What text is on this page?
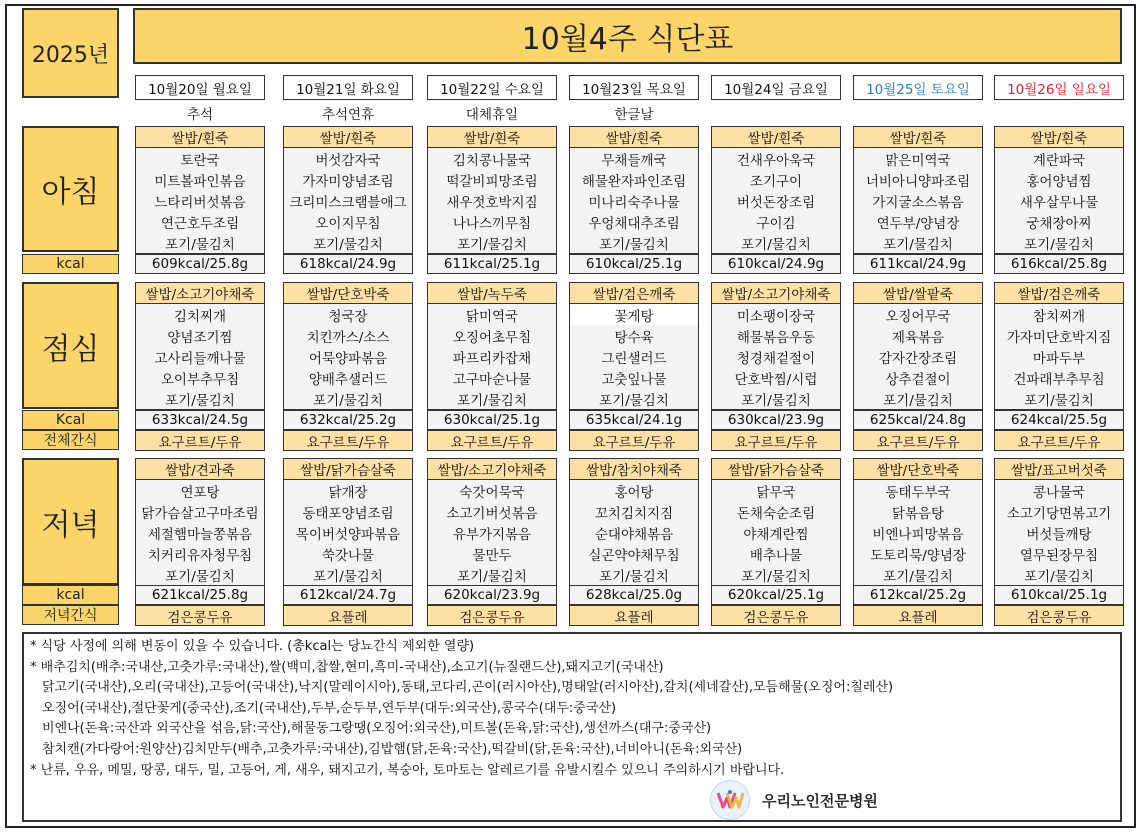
2025년	10월4주 식단표
10월20일 월요일
추석
쌀밥/흰죽
토란국
미트볼파인볶음
느타리버섯볶음
연근호두조림
포기/물김치
609kcal/25.8g
쌀밥/소고기야채죽
김치찌개
양념조기찜
고사리들깨나물
오이부추무침
포기/물김치
633kcal/24.5g
요구르트/두유
쌀밥/견과죽
연포탕
닭가슴살고구마조림
세절햄마늘쫑볶음
치커리유자청무침
포기/물김치
621kcal/25.8g
검은콩두유
10월21일 화요일
추석연휴
쌀밥/흰죽
버섯감자국
가자미양념조림
크리미스크램블애그
오이지무침
포기/물김치
618kcal/24.9g
쌀밥/단호박죽
청국장
치킨까스/소스
어묵양파볶음
양배추샐러드
포기/물김치
632kcal/25.2g
요구르트/두유
쌀밥/닭가슴살죽
닭개장
동태포양념조림
목이버섯양파볶음
쑥갓나물
포기/물김치
612kcal/24.7g
요플레
10월22일 수요일
대체휴일
쌀밥/흰죽
김치콩나물국
떡갈비피망조림
새우젓호박지짐
나나스끼무침
포기/물김치
611kcal/25.1g
쌀밥/녹두죽
닭미역국
오징어초무침
파프리카잡채
고구마순나물
포기/물김치
630kcal/25.1g
요구르트/두유
쌀밥/소고기야채죽
숙갓어묵국
소고기버섯볶음
유부가지볶음
물만두
포기/물김치
620kcal/23.9g
검은콩두유
10월23일 목요일
한글날
쌀밥/흰죽
무채들깨국
해물완자파인조림
미나리숙주나물
우엉채대추조림
포기/물김치
610kcal/25.1g
쌀밥/검은깨죽
꽃게탕
탕수육
그린샐러드
고춧잎나물
포기/물김치
635kcal/24.1g
요구르트/두유
쌀밥/참치야채죽
홍어탕
꼬치김치지짐
순대야채볶음
실곤약야채무침
포기/물김치
628kcal/25.0g
요플레
10월24일 금요일
쌀밥/흰죽
건새우아욱국
조기구이
버섯돈장조림
구이김
포기/물김치
610kcal/24.9g
쌀밥/소고기야채죽
미소팽이장국
해물볶음우동
청경채겉절이
단호박찜/시럽
포기/물김치
630kcal/23.9g
요구르트/두유
쌀밥/닭가슴살죽
닭무국
돈채숙순조림
야채계란찜
배추나물
포기/물김치
620kcal/25.1g
검은콩두유
10월25일 토요일
쌀밥/흰죽
맑은미역국
너비아니양파조림
가지굴소스볶음
연두부/양념장
포기/물김치
611kcal/24.9g
쌀밥/쌀팥죽
오징어무국
제육볶음
감자간장조림
상추겉절이
포기/물김치
625kcal/24.8g
요구르트/두유
쌀밥/단호박죽
동태두부국
닭볶음탕
비엔나피망볶음
도토리묵/양념장
포기/물김치
612kcal/25.2g
요플레
10월26일 일요일
쌀밥/흰죽
계란파국
홍어양념찜
새우살무나물
궁채장아찌
포기/물김치
616kcal/25.8g
쌀밥/검은깨죽
참치찌개
가자미단호박지짐
마파두부
건파래부추무침
포기/물김치
624kcal/25.5g
요구르트/두유
쌀밥/표고버섯죽
콩나물국
소고기당면볶고기
버섯들깨탕
열무된장무침
포기/물김치
610kcal/25.1g
검은콩두유
아침
kcal
점심
Kcal
전체간식
저녁
kcal
저녁간식
* 식당 사정에 의해 변동이 있을 수 있습니다. (총kcal는 당뇨간식 제외한 열량)
* 배추김치(배추:국내산,고춧가루:국내산),쌀(백미,찹쌀,현미,흑미-국내산),소고기(뉴질랜드산),돼지고기(국내산)
닭고기(국내산),오리(국내산),고등어(국내산),낙지(말레이시아),동태,코다리,곤이(러시아산),명태알(러시아산),갈치(세네갈산),모듬해물(오징어:칠레산)
오징어(국내산),절단꽃게(중국산),조기(국내산),두부,순두부,연두부(대두:외국산),콩국수(대두:중국산)
비엔나(돈육:국산과 외국산을 섞음,닭:국산),해물동그랑땡(오징어:외국산),미트볼(돈육,닭:국산),생선까스(대구:중국산)
참치캔(가다랑어:원양산)김치만두(배추,고춧가루:국내산),김밥햄(닭,돈육:국산),떡갈비(닭,돈육:국산),너비아니(돈육:외국산)
* 난류, 우유, 메밀, 땅콩, 대두, 밀, 고등어, 게, 새우, 돼지고기, 복숭아, 토마토는 알레르기를 유발시킬수 있으니 주의하시기 바랍니다.
우리노인전문병원
